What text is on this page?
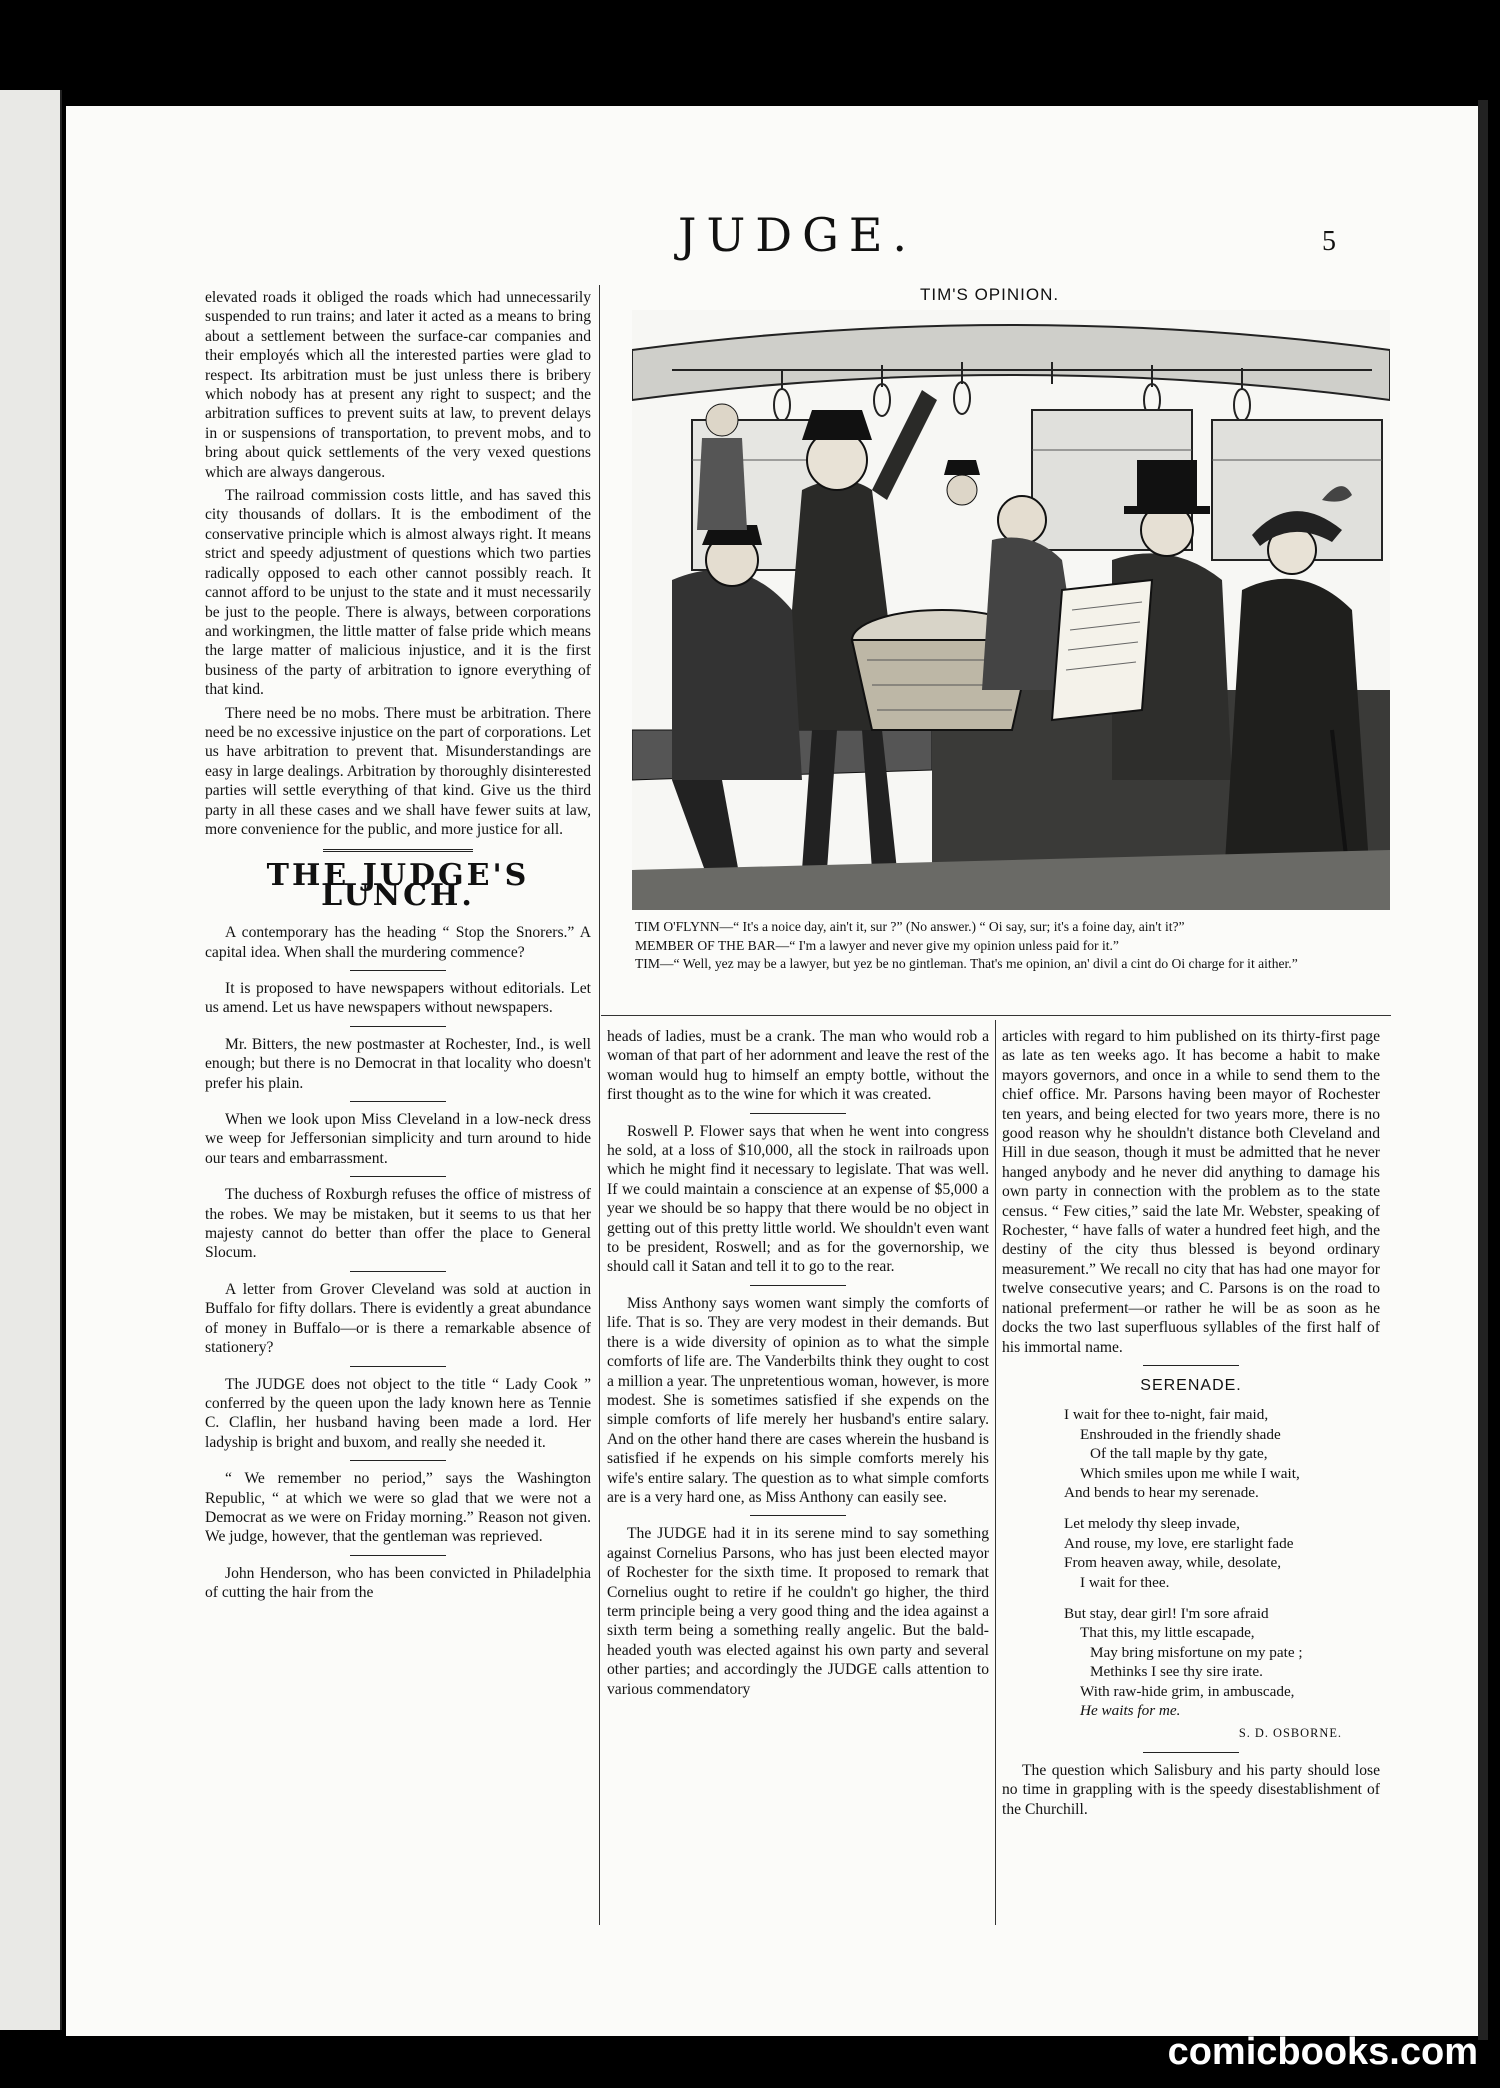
JUDGE.	5

elevated roads it obliged the roads which had unnecessarily suspended to run trains; and later it acted as a means to bring about a settlement between the surface-car companies and their employés which all the interested parties were glad to respect. Its arbitration must be just unless there is bribery which nobody has at present any right to suspect; and the arbitration suffices to prevent suits at law, to prevent delays in or suspensions of transportation, to prevent mobs, and to bring about quick settlements of the very vexed questions which are always dangerous.

The railroad commission costs little, and has saved this city thousands of dollars. It is the embodiment of the conservative principle which is almost always right. It means strict and speedy adjustment of questions which two parties radically opposed to each other cannot possibly reach. It cannot afford to be unjust to the state and it must necessarily be just to the people. There is always, between corporations and workingmen, the little matter of false pride which means the large matter of malicious injustice, and it is the first business of the party of arbitration to ignore everything of that kind.

There need be no mobs. There must be arbitration. There need be no excessive injustice on the part of corporations. Let us have arbitration to prevent that. Misunderstandings are easy in large dealings. Arbitration by thoroughly disinterested parties will settle everything of that kind. Give us the third party in all these cases and we shall have fewer suits at law, more convenience for the public, and more justice for all.

THE JUDGE'S LUNCH.

A contemporary has the heading “ Stop the Snorers.” A capital idea. When shall the murdering commence?

It is proposed to have newspapers without editorials. Let us amend. Let us have newspapers without newspapers.

Mr. Bitters, the new postmaster at Rochester, Ind., is well enough; but there is no Democrat in that locality who doesn't prefer his plain.

When we look upon Miss Cleveland in a low-neck dress we weep for Jeffersonian simplicity and turn around to hide our tears and embarrassment.

The duchess of Roxburgh refuses the office of mistress of the robes. We may be mistaken, but it seems to us that her majesty cannot do better than offer the place to General Slocum.

A letter from Grover Cleveland was sold at auction in Buffalo for fifty dollars. There is evidently a great abundance of money in Buffalo—or is there a remarkable absence of stationery?

The JUDGE does not object to the title “ Lady Cook ” conferred by the queen upon the lady known here as Tennie C. Claflin, her husband having been made a lord. Her ladyship is bright and buxom, and really she needed it.

“ We remember no period,” says the Washington Republic, “ at which we were so glad that we were not a Democrat as we were on Friday morning.” Reason not given. We judge, however, that the gentleman was reprieved.

John Henderson, who has been convicted in Philadelphia of cutting the hair from the

TIM'S OPINION.

TIM O'FLYNN—“ It's a noice day, ain't it, sur ?” (No answer.) “ Oi say, sur; it's a foine day, ain't it?”

MEMBER OF THE BAR—“ I'm a lawyer and never give my opinion unless paid for it.”

TIM—“ Well, yez may be a lawyer, but yez be no gintleman. That's me opinion, an' divil a cint do Oi charge for it aither.”

heads of ladies, must be a crank. The man who would rob a woman of that part of her adornment and leave the rest of the woman would hug to himself an empty bottle, without the first thought as to the wine for which it was created.

Roswell P. Flower says that when he went into congress he sold, at a loss of $10,000, all the stock in railroads upon which he might find it necessary to legislate. That was well. If we could maintain a conscience at an expense of $5,000 a year we should be so happy that there would be no object in getting out of this pretty little world. We shouldn't even want to be president, Roswell; and as for the governorship, we should call it Satan and tell it to go to the rear.

Miss Anthony says women want simply the comforts of life. That is so. They are very modest in their demands. But there is a wide diversity of opinion as to what the simple comforts of life are. The Vanderbilts think they ought to cost a million a year. The unpretentious woman, however, is more modest. She is sometimes satisfied if she expends on the simple comforts of life merely her husband's entire salary. And on the other hand there are cases wherein the husband is satisfied if he expends on his simple comforts merely his wife's entire salary. The question as to what simple comforts are is a very hard one, as Miss Anthony can easily see.

The JUDGE had it in its serene mind to say something against Cornelius Parsons, who has just been elected mayor of Rochester for the sixth time. It proposed to remark that Cornelius ought to retire if he couldn't go higher, the third term principle being a very good thing and the idea against a sixth term being a something really angelic. But the bald-headed youth was elected against his own party and several other parties; and accordingly the JUDGE calls attention to various commendatory

articles with regard to him published on its thirty-first page as late as ten weeks ago. It has become a habit to make mayors governors, and once in a while to send them to the chief office. Mr. Parsons having been mayor of Rochester ten years, and being elected for two years more, there is no good reason why he shouldn't distance both Cleveland and Hill in due season, though it must be admitted that he never hanged anybody and he never did anything to damage his own party in connection with the problem as to the state census. “ Few cities,” said the late Mr. Webster, speaking of Rochester, “ have falls of water a hundred feet high, and the destiny of the city thus blessed is beyond ordinary measurement.” We recall no city that has had one mayor for twelve consecutive years; and C. Parsons is on the road to national preferment—or rather he will be as soon as he docks the two last superfluous syllables of the first half of his immortal name.

SERENADE.
I wait for thee to-night, fair maid,
Enshrouded in the friendly shade
Of the tall maple by thy gate,
Which smiles upon me while I wait,
And bends to hear my serenade.
Let melody thy sleep invade,
And rouse, my love, ere starlight fade
From heaven away, while, desolate,
I wait for thee.
But stay, dear girl! I'm sore afraid
That this, my little escapade,
May bring misfortune on my pate ;
Methinks I see thy sire irate.
With raw-hide grim, in ambuscade,
He waits for me.
S. D. OSBORNE.

The question which Salisbury and his party should lose no time in grappling with is the speedy disestablishment of the Churchill.

comicbooks.com
